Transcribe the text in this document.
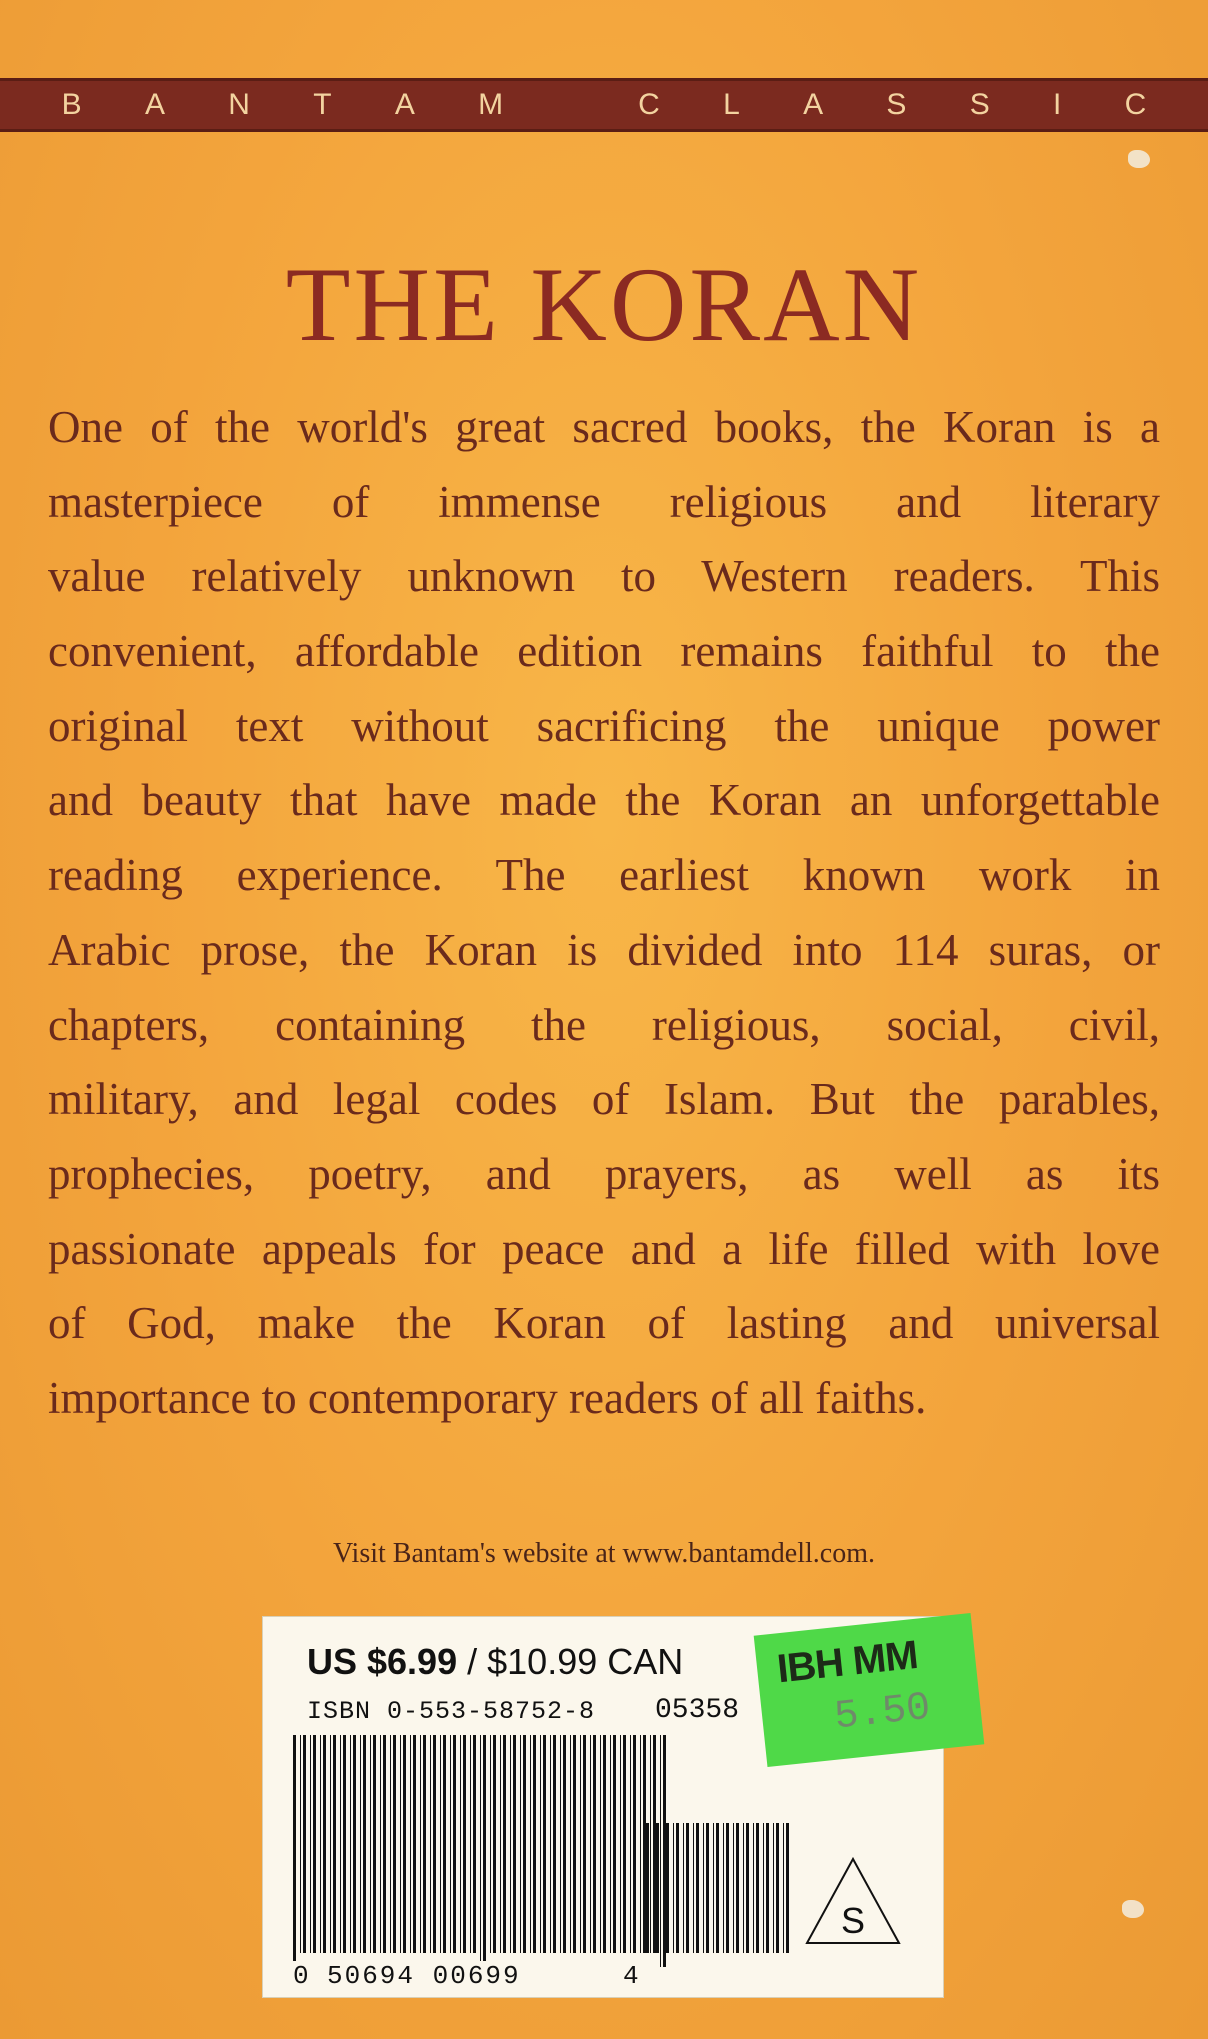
B A N T A M
	C L A S S I C
THE KORAN
One of the world's great sacred books, the Koran is a
masterpiece of immense religious and literary
value relatively unknown to Western readers. This
convenient, affordable edition remains faithful to the
original text without sacrificing the unique power
and beauty that have made the Koran an unforgettable
reading experience. The earliest known work in
Arabic prose, the Koran is divided into 114 suras, or
chapters, containing the religious, social, civil,
military, and legal codes of Islam. But the parables,
prophecies, poetry, and prayers, as well as its
passionate appeals for peace and a life filled with love
of God, make the Koran of lasting and universal
importance to contemporary readers of all faiths.
Visit Bantam's website at www.bantamdell.com.
US $6.99 / $10.99 CAN
ISBN 0-553-58752-8 05358
0 50694 00699	4
S
IBH MM
5.50
